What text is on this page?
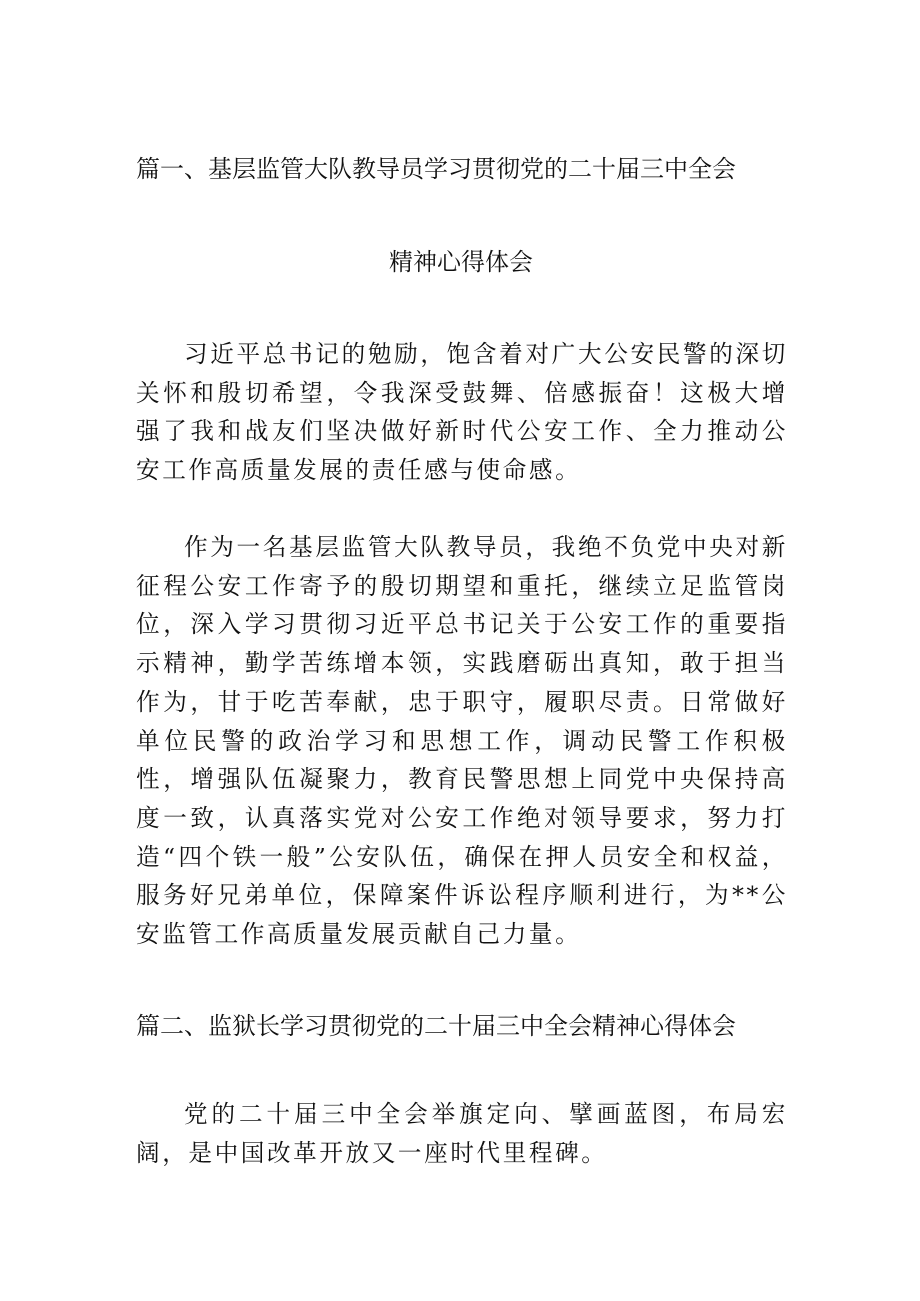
篇一、基层监管大队教导员学习贯彻党的二十届三中全会
精神心得体会

习近平总书记的勉励，饱含着对广大公安民警的深切关怀和殷切希望，令我深受鼓舞、倍感振奋！这极大增强了我和战友们坚决做好新时代公安工作、全力推动公安工作高质量发展的责任感与使命感。

作为一名基层监管大队教导员，我绝不负党中央对新征程公安工作寄予的殷切期望和重托，继续立足监管岗位，深入学习贯彻习近平总书记关于公安工作的重要指示精神，勤学苦练增本领，实践磨砺出真知，敢于担当作为，甘于吃苦奉献，忠于职守，履职尽责。日常做好单位民警的政治学习和思想工作，调动民警工作积极性，增强队伍凝聚力，教育民警思想上同党中央保持高度一致，认真落实党对公安工作绝对领导要求，努力打造“四个铁一般”公安队伍，确保在押人员安全和权益，服务好兄弟单位，保障案件诉讼程序顺利进行，为**公安监管工作高质量发展贡献自己力量。

篇二、监狱长学习贯彻党的二十届三中全会精神心得体会

党的二十届三中全会举旗定向、擘画蓝图，布局宏阔，是中国改革开放又一座时代里程碑。
